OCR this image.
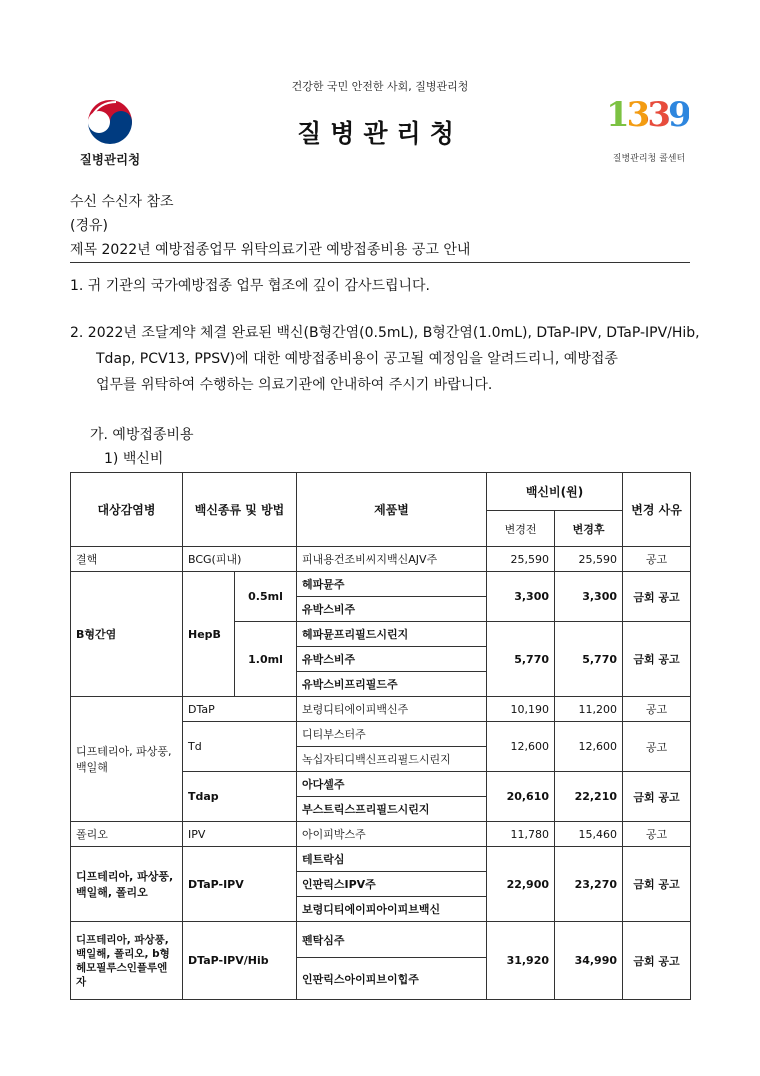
건강한 국민 안전한 사회, 질병관리청
질병관리청
질병관리청	1339
질병관리청 콜센터
수신 수신자 참조
(경유)
제목 2022년 예방접종업무 위탁의료기관 예방접종비용 공고 안내
1. 귀 기관의 국가예방접종 업무 협조에 깊이 감사드립니다.
2. 2022년 조달계약 체결 완료된 백신(B형간염(0.5mL), B형간염(1.0mL), DTaP-IPV, DTaP-IPV/Hib,
Tdap, PCV13, PPSV)에 대한 예방접종비용이 공고될 예정임을 알려드리니, 예방접종
업무를 위탁하여 수행하는 의료기관에 안내하여 주시기 바랍니다.
가. 예방접종비용
1) 백신비
대상감염병	백신종류 및 방법		제품별	백신비(원)		변경 사유
				변경전	변경후	
결핵	BCG(피내)		피내용건조비씨지백신AJV주	25,590	25,590	공고
B형간염	HepB	0.5ml	헤파뮨주	3,300	3,300	금회 공고
			유박스비주			
		1.0ml	헤파뮨프리필드시린지	5,770	5,770	금회 공고
			유박스비주			
			유박스비프리필드주			
디프테리아, 파상풍, 백일해	DTaP		보령디티에이피백신주	10,190	11,200	공고
	Td		디티부스터주	12,600	12,600	공고
			녹십자티디백신프리필드시린지			
	Tdap		아다셀주	20,610	22,210	금회 공고
			부스트릭스프리필드시린지			
폴리오	IPV		아이피박스주	11,780	15,460	공고
디프테리아, 파상풍, 백일해, 폴리오	DTaP-IPV		테트락심	22,900	23,270	금회 공고
			인판릭스IPV주			
			보령디티에이피아이피브백신			
디프테리아, 파상풍, 백일해, 폴리오, b형헤모필루스인플루엔자	DTaP-IPV/Hib		펜탁심주	31,920	34,990	금회 공고
			인판릭스아이피브이힙주			
